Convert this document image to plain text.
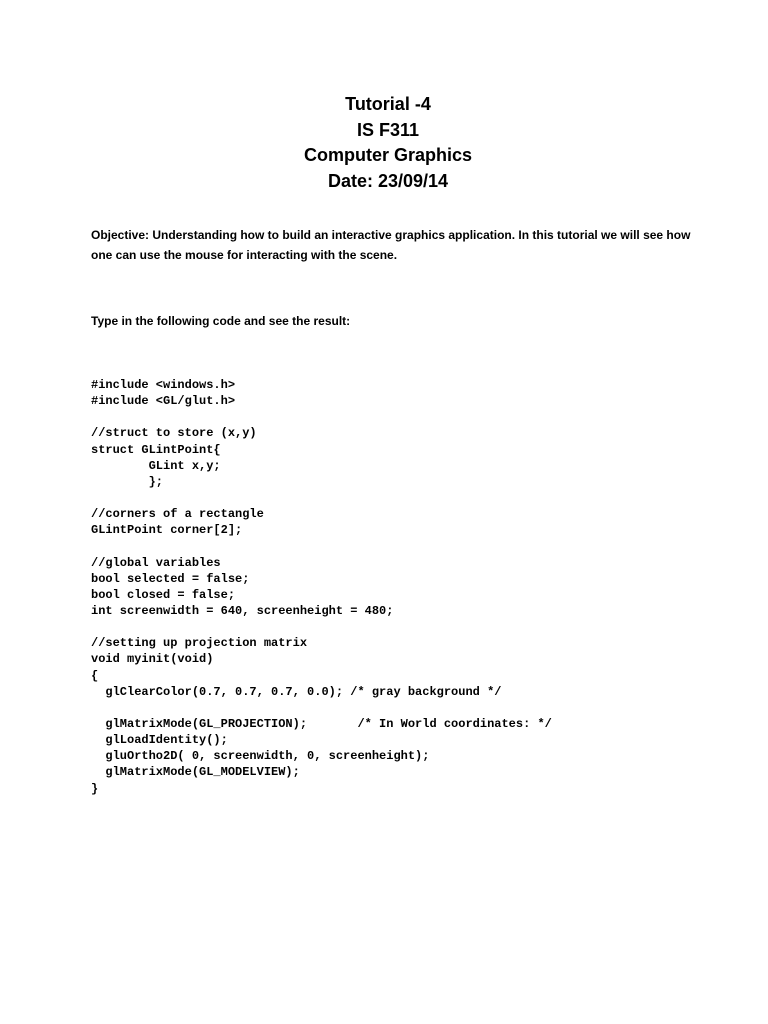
Tutorial -4
IS F311
Computer Graphics
Date: 23/09/14
Objective: Understanding how to build an interactive graphics application. In this tutorial we will see how one can use the mouse for interacting with the scene.
Type in the following code and see the result:
#include <windows.h>
#include <GL/glut.h>
//struct to store (x,y)
struct GLintPoint{
GLint x,y;
};
//corners of a rectangle
GLintPoint corner[2];
//global variables
bool selected = false;
bool closed = false;
int screenwidth = 640, screenheight = 480;
//setting up projection matrix
void myinit(void)
{
glClearColor(0.7, 0.7, 0.7, 0.0); /* gray background */
glMatrixMode(GL_PROJECTION);       /* In World coordinates: */
glLoadIdentity();
gluOrtho2D( 0, screenwidth, 0, screenheight);
glMatrixMode(GL_MODELVIEW);
}
